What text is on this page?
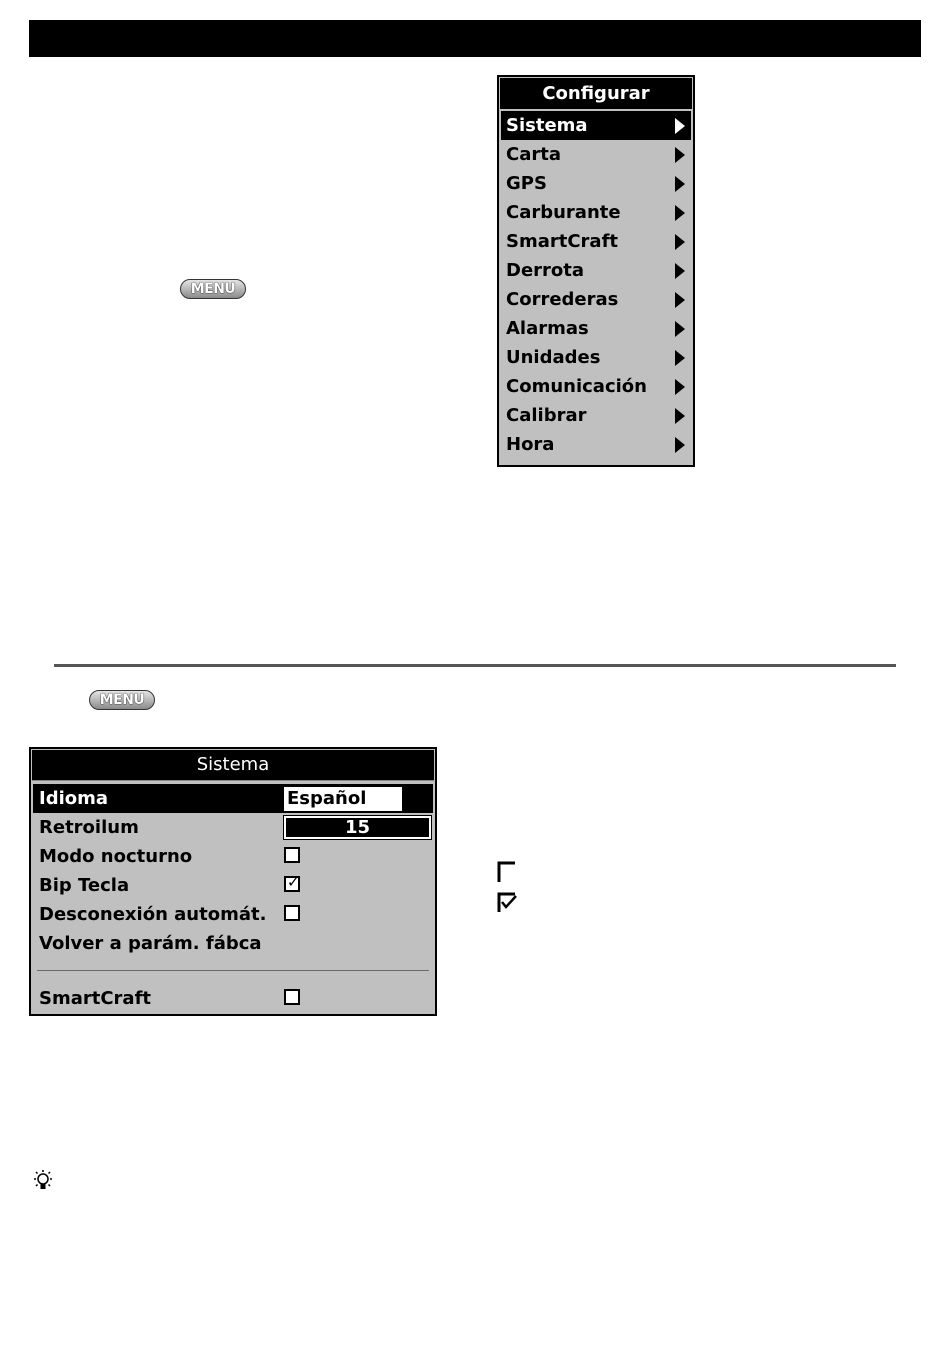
MENU
Configurar
Sistema
Carta
GPS
Carburante
SmartCraft
Derrota
Correderas
Alarmas
Unidades
Comunicación
Calibrar
Hora
MENU
Sistema
Idioma	Español
Retroilum	15
Modo nocturno
Bip Tecla	✓
Desconexión automát.
Volver a parám. fábca
SmartCraft
